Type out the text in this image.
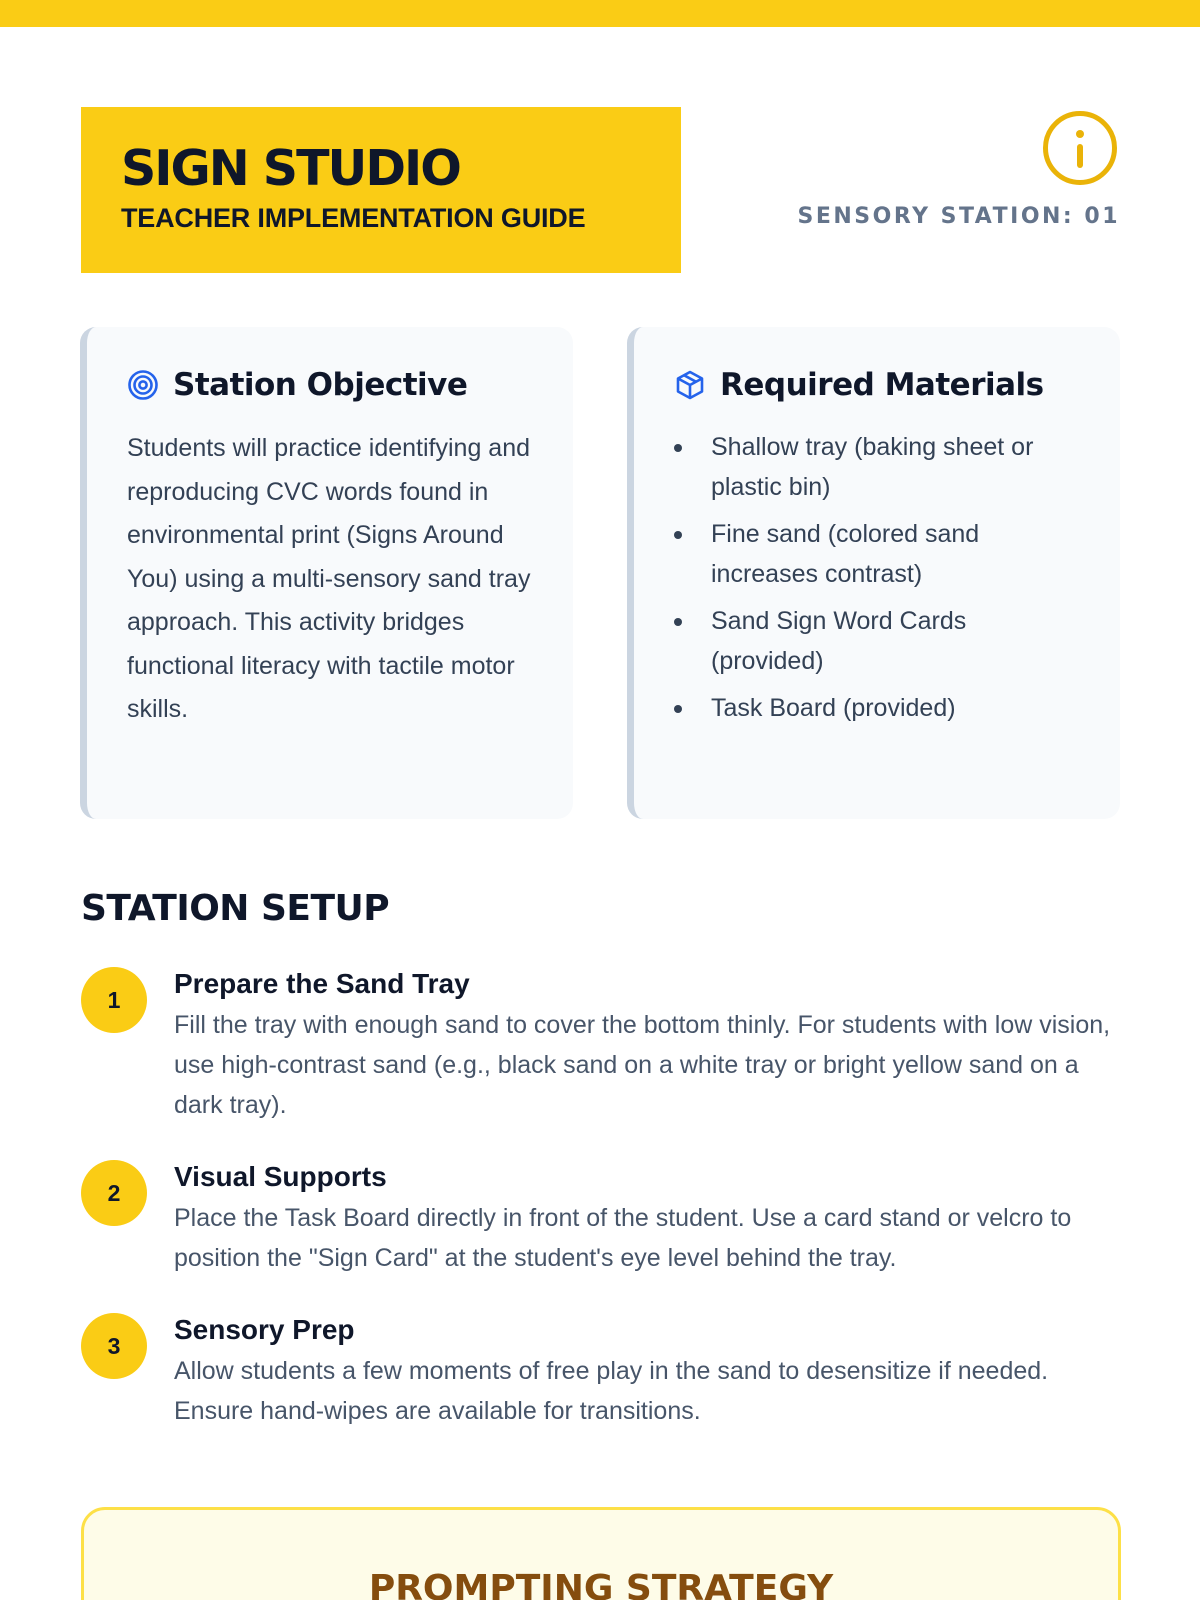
SIGN STUDIO
TEACHER IMPLEMENTATION GUIDE	SENSORY STATION: 01
Station Objective
Students will practice identifying and reproducing CVC words found in environmental print (Signs Around You) using a multi-sensory sand tray approach. This activity bridges functional literacy with tactile motor skills.
Required Materials
Shallow tray (baking sheet or plastic bin)
Fine sand (colored sand increases contrast)
Sand Sign Word Cards (provided)
Task Board (provided)
STATION SETUP
1
Prepare the Sand Tray
Fill the tray with enough sand to cover the bottom thinly. For students with low vision, use high-contrast sand (e.g., black sand on a white tray or bright yellow sand on a dark tray).
2
Visual Supports
Place the Task Board directly in front of the student. Use a card stand or velcro to position the "Sign Card" at the student's eye level behind the tray.
3
Sensory Prep
Allow students a few moments of free play in the sand to desensitize if needed. Ensure hand-wipes are available for transitions.
PROMPTING STRATEGY
